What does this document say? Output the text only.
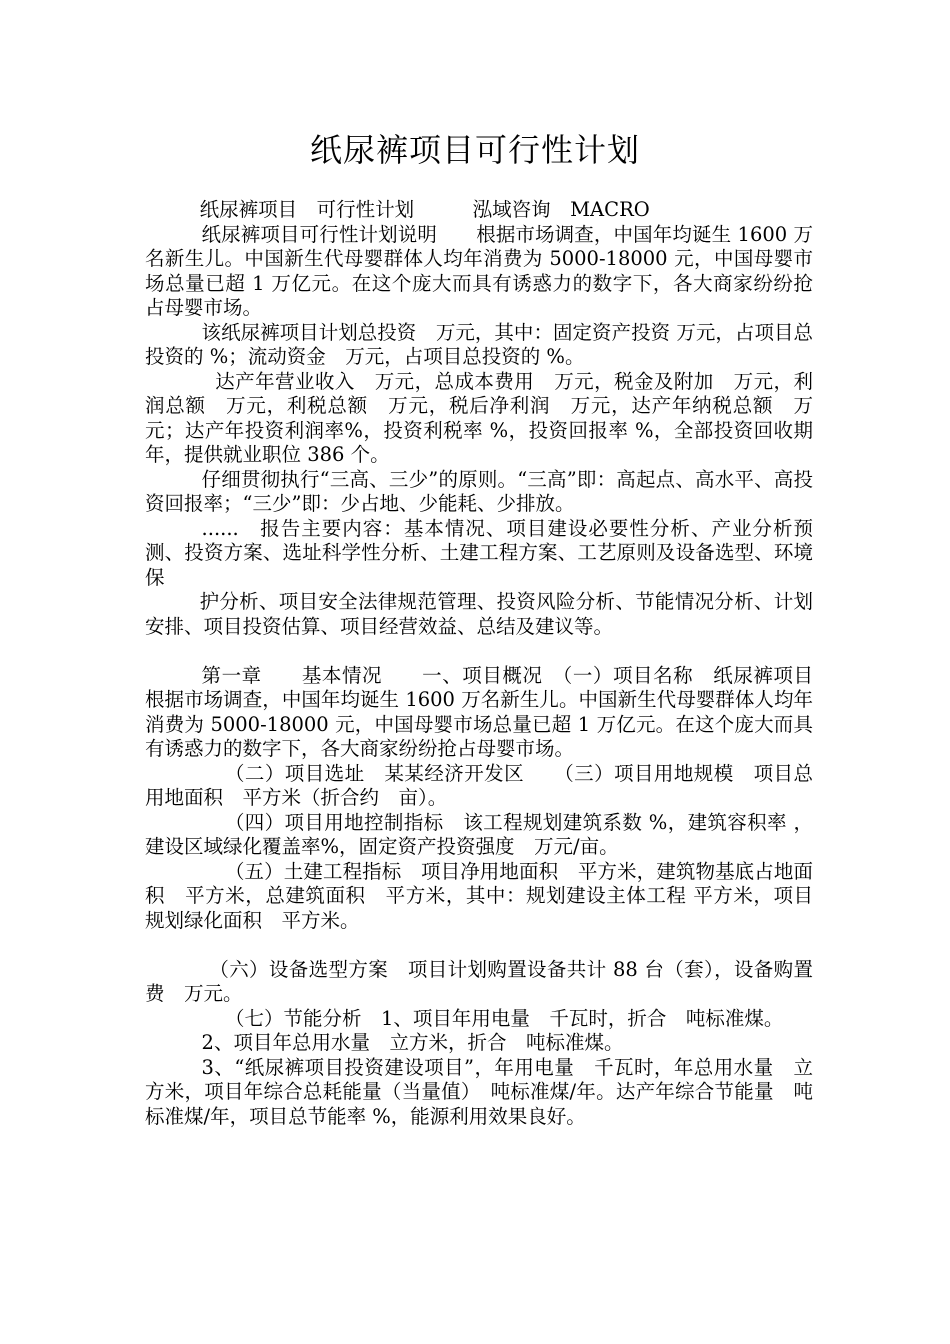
纸尿裤项目可行性计划

纸尿裤项目　可行性计划　　　泓域咨询　MACRO

纸尿裤项目可行性计划说明　　根据市场调查，中国年均诞生 1600 万名新生儿。中国新生代母婴群体人均年消费为 5000-18000 元，中国母婴市场总量已超 1 万亿元。在这个庞大而具有诱惑力的数字下，各大商家纷纷抢占母婴市场。

该纸尿裤项目计划总投资　万元，其中：固定资产投资 万元，占项目总投资的 %；流动资金　万元，占项目总投资的 %。

达产年营业收入　万元，总成本费用　万元，税金及附加　万元，利润总额　万元，利税总额　万元，税后净利润　万元，达产年纳税总额　万元；达产年投资利润率%，投资利税率 %，投资回报率 %，全部投资回收期 年，提供就业职位 386 个。

仔细贯彻执行“三高、三少”的原则。“三高”即：高起点、高水平、高投资回报率；“三少”即：少占地、少能耗、少排放。

......　报告主要内容：基本情况、项目建设必要性分析、产业分析预测、投资方案、选址科学性分析、土建工程方案、工艺原则及设备选型、环境保

护分析、项目安全法律规范管理、投资风险分析、节能情况分析、计划安排、项目投资估算、项目经营效益、总结及建议等。

第一章　　基本情况　　一、项目概况　（一）项目名称　纸尿裤项目　根据市场调查，中国年均诞生 1600 万名新生儿。中国新生代母婴群体人均年消费为 5000-18000 元，中国母婴市场总量已超 1 万亿元。在这个庞大而具有诱惑力的数字下，各大商家纷纷抢占母婴市场。

（二）项目选址　某某经济开发区　　（三）项目用地规模　项目总用地面积　平方米（折合约　亩）。

（四）项目用地控制指标　该工程规划建筑系数 %，建筑容积率 ，建设区域绿化覆盖率%，固定资产投资强度　万元/亩。

（五）土建工程指标　项目净用地面积　平方米，建筑物基底占地面积　平方米，总建筑面积　平方米，其中：规划建设主体工程 平方米，项目规划绿化面积　平方米。

（六）设备选型方案　项目计划购置设备共计 88 台（套），设备购置费　万元。

（七）节能分析　1、项目年用电量　千瓦时，折合　吨标准煤。

2、项目年总用水量　立方米，折合　吨标准煤。

3、“纸尿裤项目投资建设项目”，年用电量　千瓦时，年总用水量　立方米，项目年综合总耗能量（当量值）　吨标准煤/年。达产年综合节能量　吨标准煤/年，项目总节能率 %，能源利用效果良好。
